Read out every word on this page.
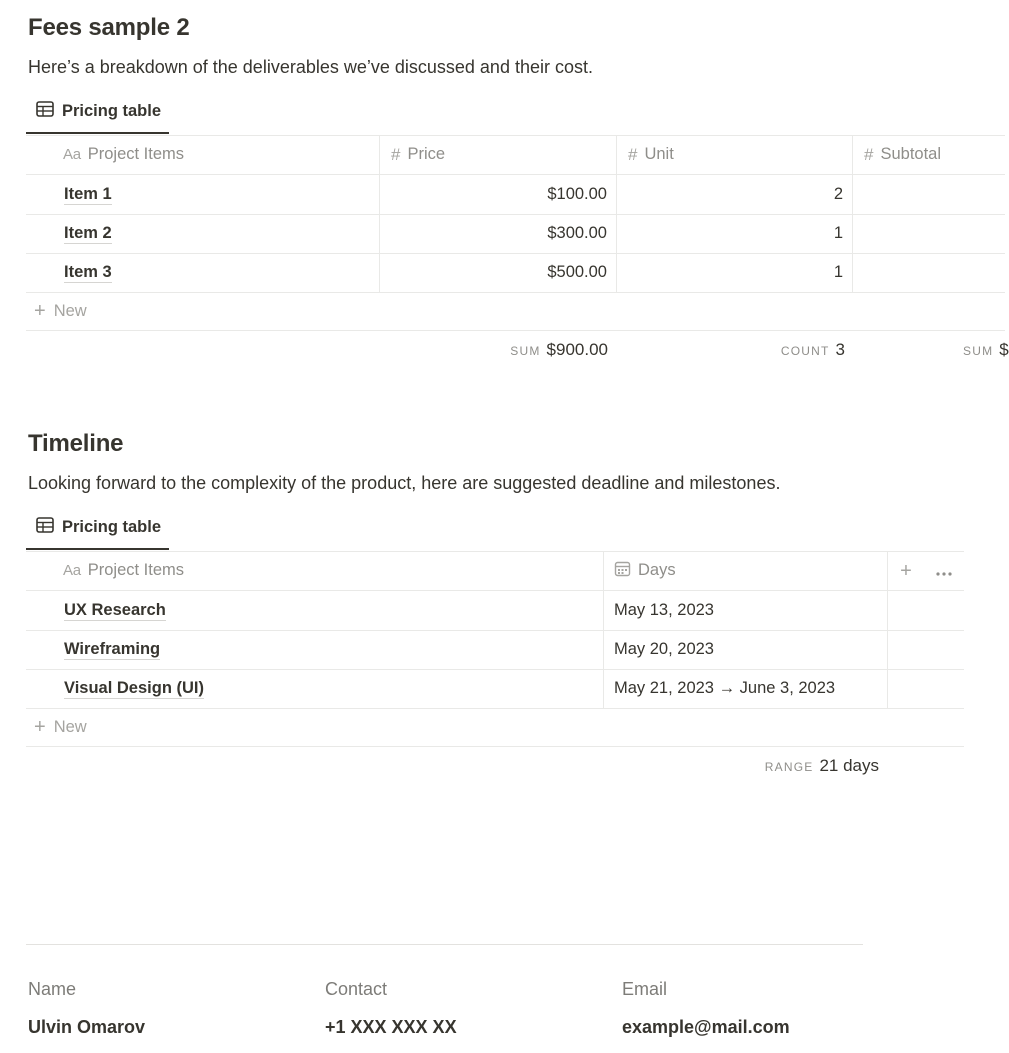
Fees sample 2
Here’s a breakdown of the deliverables we’ve discussed and their cost.
Pricing table
Aa Project Items	# Price	# Unit	# Subtotal
Item 1	$100.00	2
Item 2	$300.00	1
Item 3	$500.00	1
+ New
SUM $900.00	COUNT 3	SUM $
Timeline
Looking forward to the complexity of the product, here are suggested deadline and milestones.
Pricing table
Aa Project Items	Days	+
UX Research	May 13, 2023
Wireframing	May 20, 2023
Visual Design (UI)	May 21, 2023 → June 3, 2023
+ New
RANGE 21 days
Name
Ulvin Omarov
Contact
+1 XXX XXX XX
Email
example@mail.com
